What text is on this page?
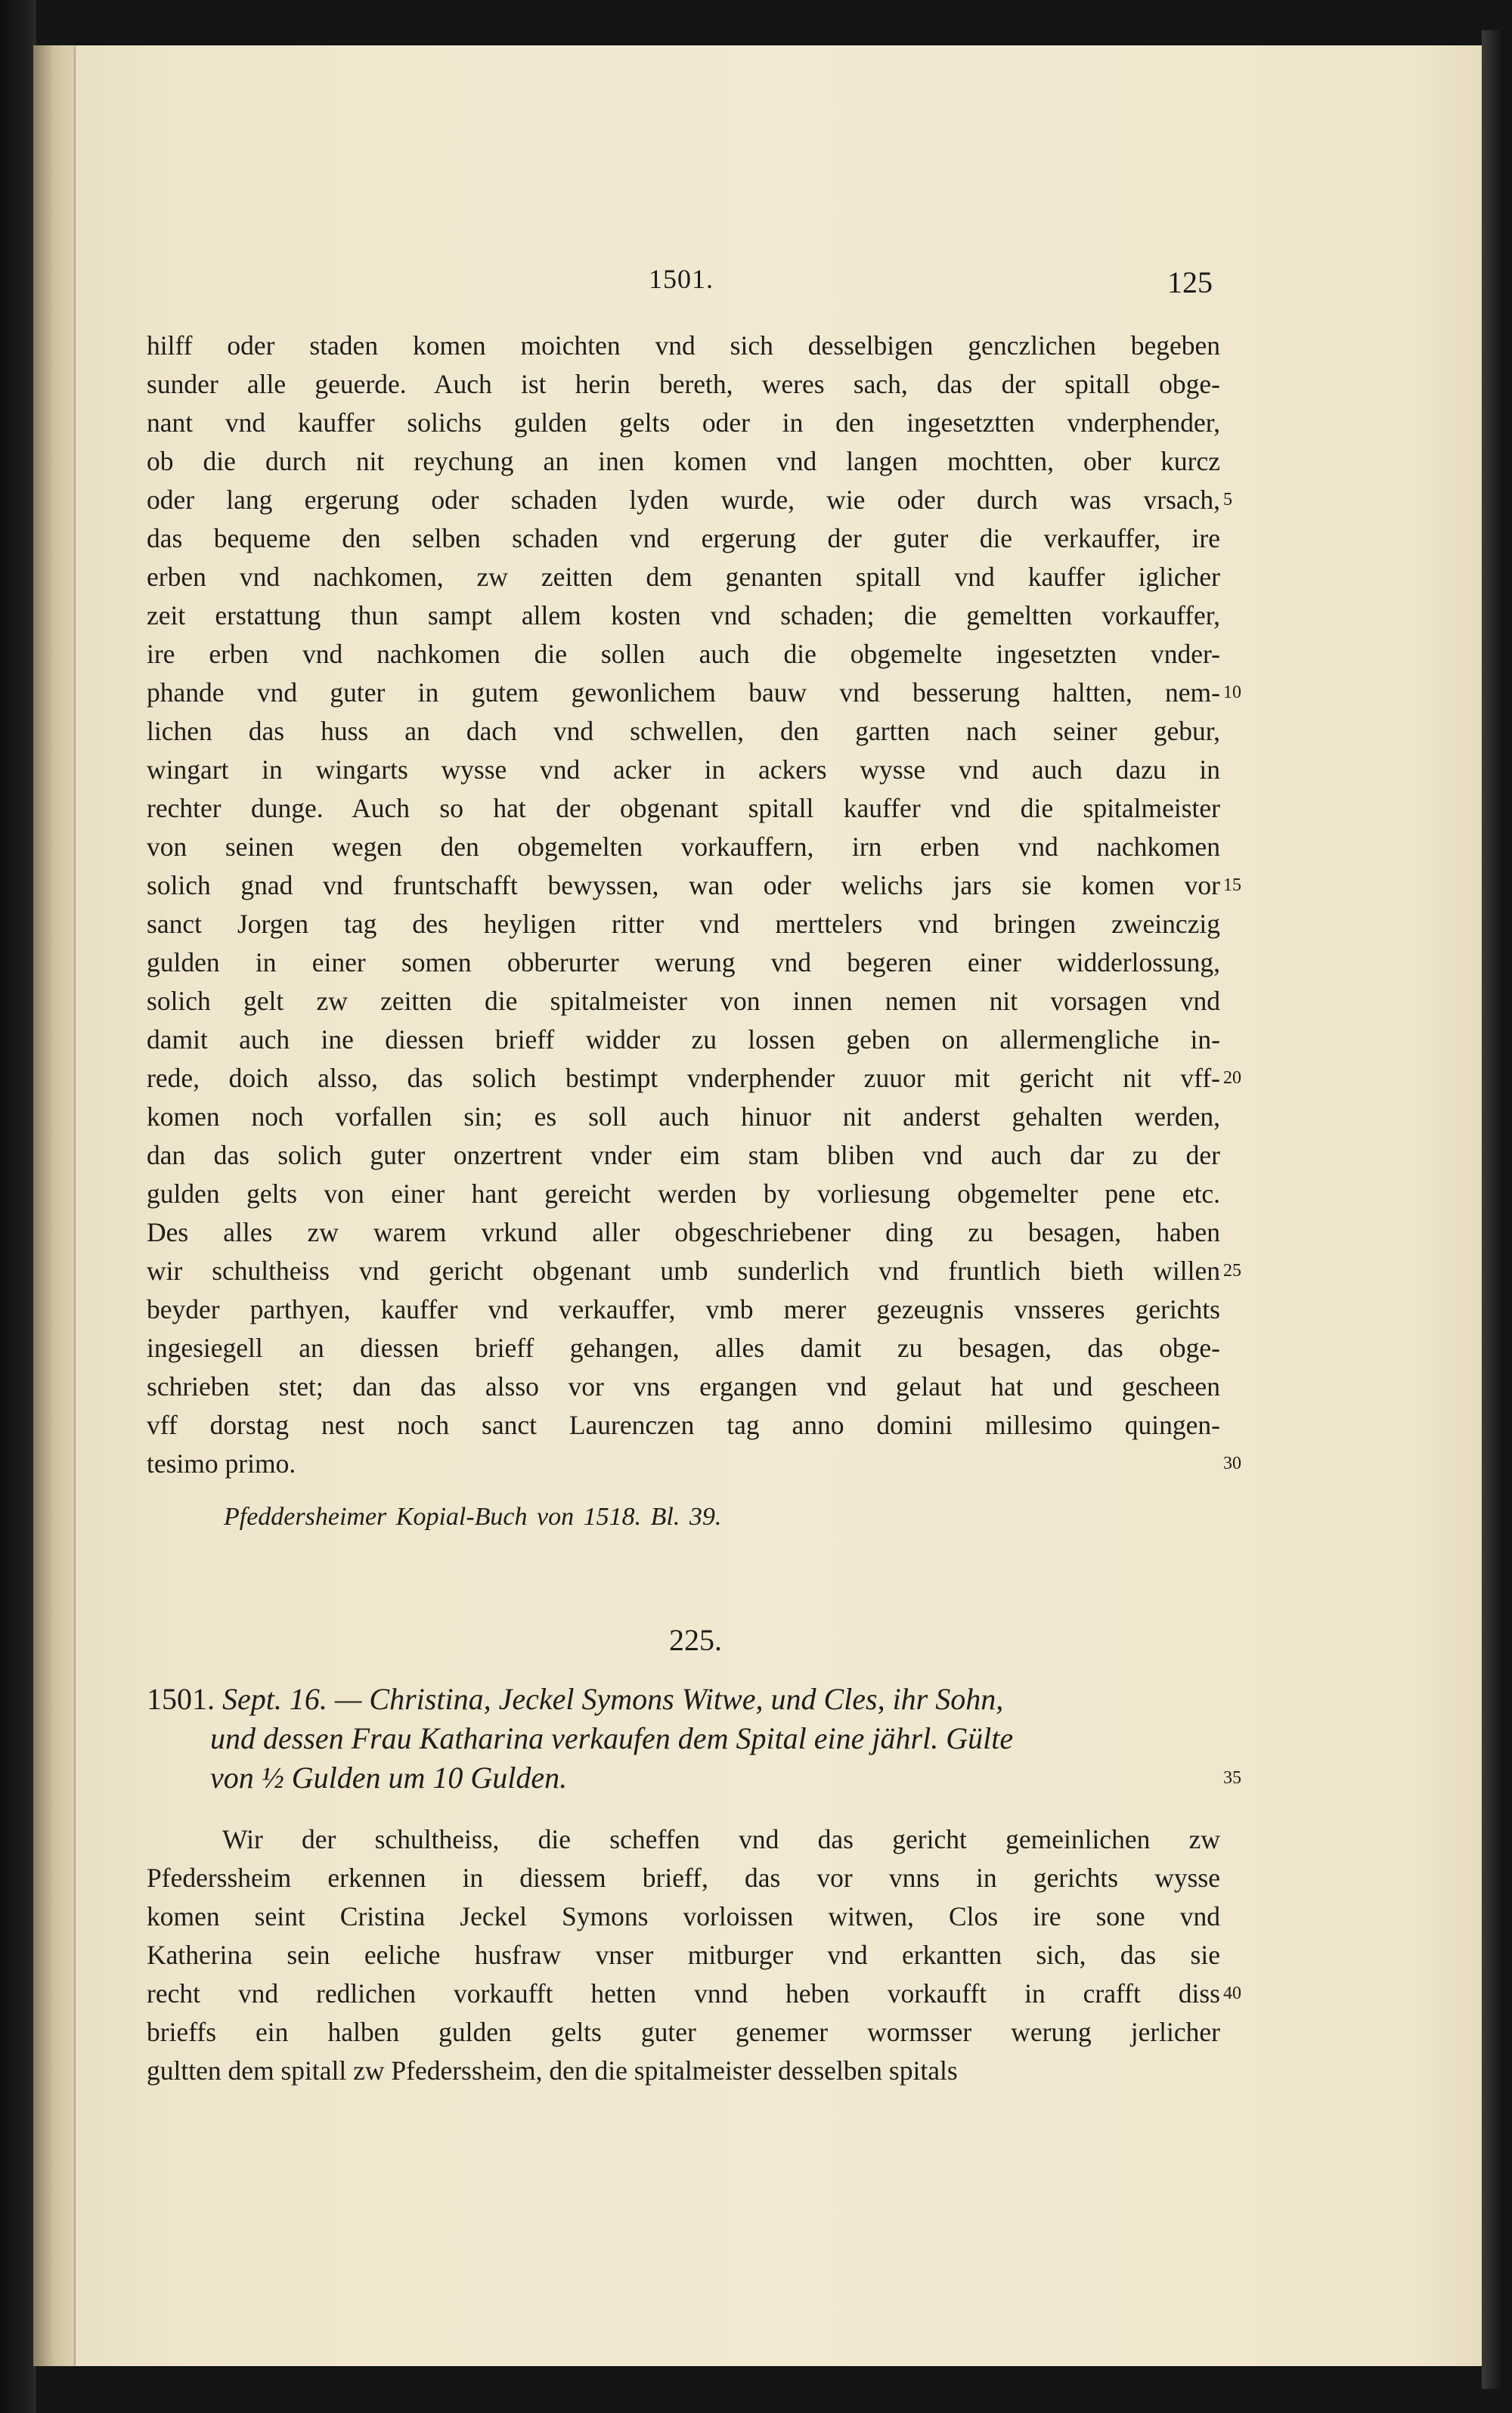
1501.	125
hilff oder staden komen moichten vnd sich desselbigen genczlichen begeben
sunder alle geuerde. Auch ist herin bereth, weres sach, das der spitall obge-
nant vnd kauffer solichs gulden gelts oder in den ingesetztten vnderphender,
ob die durch nit reychung an inen komen vnd langen mochtten, ober kurcz
oder lang ergerung oder schaden lyden wurde, wie oder durch was vrsach,
das bequeme den selben schaden vnd ergerung der guter die verkauffer, ire
erben vnd nachkomen, zw zeitten dem genanten spitall vnd kauffer iglicher
zeit erstattung thun sampt allem kosten vnd schaden; die gemeltten vorkauffer,
ire erben vnd nachkomen die sollen auch die obgemelte ingesetzten vnder-
phande vnd guter in gutem gewonlichem bauw vnd besserung haltten, nem-
lichen das huss an dach vnd schwellen, den gartten nach seiner gebur,
wingart in wingarts wysse vnd acker in ackers wysse vnd auch dazu in
rechter dunge. Auch so hat der obgenant spitall kauffer vnd die spitalmeister
von seinen wegen den obgemelten vorkauffern, irn erben vnd nachkomen
solich gnad vnd fruntschafft bewyssen, wan oder welichs jars sie komen vor
sanct Jorgen tag des heyligen ritter vnd merttelers vnd bringen zweinczig
gulden in einer somen obberurter werung vnd begeren einer widderlossung,
solich gelt zw zeitten die spitalmeister von innen nemen nit vorsagen vnd
damit auch ine diessen brieff widder zu lossen geben on allermengliche in-
rede, doich alsso, das solich bestimpt vnderphender zuuor mit gericht nit vff-
komen noch vorfallen sin; es soll auch hinuor nit anderst gehalten werden,
dan das solich guter onzertrent vnder eim stam bliben vnd auch dar zu der
gulden gelts von einer hant gereicht werden by vorliesung obgemelter pene etc.
Des alles zw warem vrkund aller obgeschriebener ding zu besagen, haben
wir schultheiss vnd gericht obgenant umb sunderlich vnd fruntlich bieth willen
beyder parthyen, kauffer vnd verkauffer, vmb merer gezeugnis vnsseres gerichts
ingesiegell an diessen brieff gehangen, alles damit zu besagen, das obge-
schrieben stet; dan das alsso vor vns ergangen vnd gelaut hat und gescheen
vff dorstag nest noch sanct Laurenczen tag anno domini millesimo quingen-
tesimo primo.
5
10
15
20
25
30
Pfeddersheimer Kopial-Buch von 1518. Bl. 39.
225.
1501. Sept. 16. — Christina, Jeckel Symons Witwe, und Cles, ihr Sohn,
und dessen Frau Katharina verkaufen dem Spital eine jährl. Gülte
von ½ Gulden um 10 Gulden.	35
Wir der schultheiss, die scheffen vnd das gericht gemeinlichen zw
Pfederssheim erkennen in diessem brieff, das vor vnns in gerichts wysse
komen seint Cristina Jeckel Symons vorloissen witwen, Clos ire sone vnd
Katherina sein eeliche husfraw vnser mitburger vnd erkantten sich, das sie
recht vnd redlichen vorkaufft hetten vnnd heben vorkaufft in crafft diss
brieffs ein halben gulden gelts guter genemer wormsser werung jerlicher
gultten dem spitall zw Pfederssheim, den die spitalmeister desselben spitals
40
